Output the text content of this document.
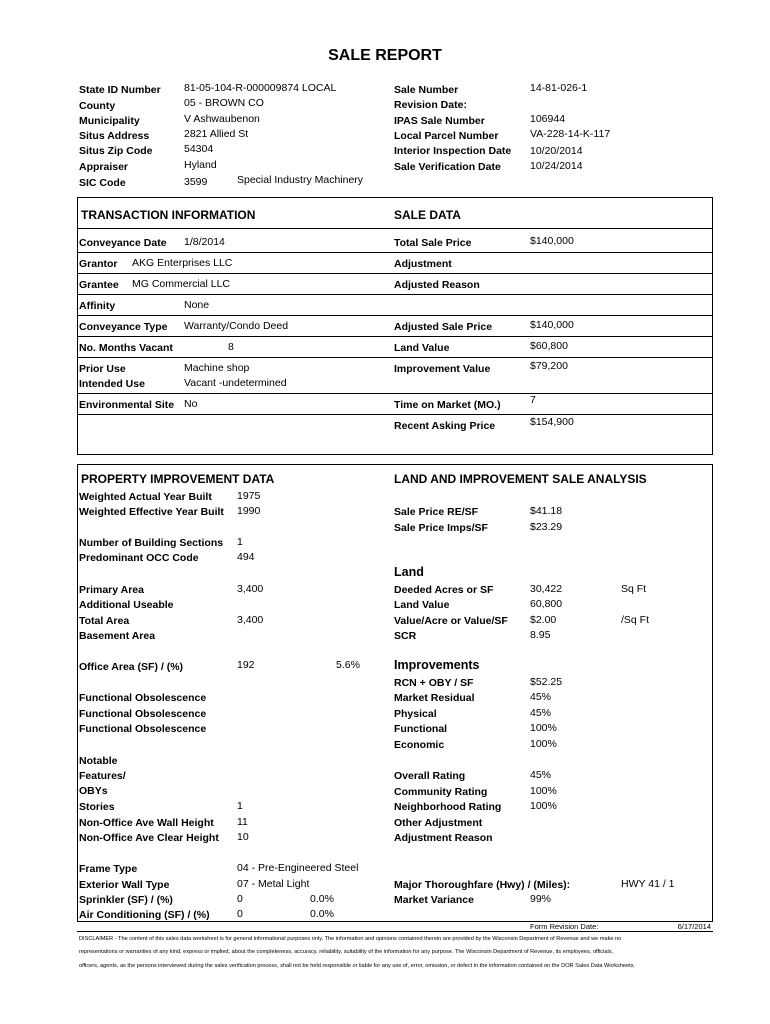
SALE REPORT
State ID Number 81-05-104-R-000009874 LOCAL
County	05 - BROWN CO
Municipality	V Ashwaubenon
Situs Address	2821 Allied St
Situs Zip Code	54304
Appraiser	Hyland
SIC Code	3599	Special Industry Machinery
Sale Number	14-81-026-1
Revision Date:
IPAS Sale Number	106944
Local Parcel Number	VA-228-14-K-117
Interior Inspection Date 10/20/2014
Sale Verification Date	10/24/2014
TRANSACTION INFORMATION	SALE DATA
Conveyance Date 1/8/2014
Grantor AKG Enterprises LLC
Grantee MG Commercial LLC
Affinity	None
Conveyance Type Warranty/Condo Deed
No. Months Vacant	8
Prior Use	Machine shop
Intended Use	Vacant -undetermined
Environmental Site No
Total Sale Price	$140,000
Adjustment
Adjusted Reason
Adjusted Sale Price	$140,000
Land Value	$60,800
Improvement Value	$79,200
Time on Market (MO.)	7
Recent Asking Price	$154,900
PROPERTY IMPROVEMENT DATA	LAND AND IMPROVEMENT SALE ANALYSIS
Weighted Actual Year Built 1975
Weighted Effective Year Built 1990
Number of Building Sections 1
Predominant OCC Code	494
Primary Area	3,400
Additional Useable
Total Area	3,400
Basement Area
Office Area (SF) / (%)	192	5.6%
Functional Obsolescence
Functional Obsolescence
Functional Obsolescence
Notable
Features/
OBYs
Stories	1
Non-Office Ave Wall Height 11
Non-Office Ave Clear Height 10
Frame Type	04 - Pre-Engineered Steel
Exterior Wall Type	07 - Metal Light
Sprinkler (SF) / (%)	0	0.0%
Air Conditioning (SF) / (%)	0	0.0%
Sale Price RE/SF	$41.18
Sale Price Imps/SF	$23.29
Land
Deeded Acres or SF	30,422	Sq Ft
Land Value	60,800
Value/Acre or Value/SF $2.00	/Sq Ft
SCR	8.95
Improvements
RCN + OBY / SF	$52.25
Market Residual	45%
Physical	45%
Functional	100%
Economic	100%
Overall Rating	45%
Community Rating	100%
Neighborhood Rating	100%
Other Adjustment
Adjustment Reason
Major Thoroughfare (Hwy) / (Miles):	HWY 41 / 1
Market Variance	99%
Form Revision Date:	6/17/2014
DISCLAIMER - The content of this sales data worksheet is for general informational purposes only. The information and opinions contained therein are provided by the Wisconsin Department of Revenue and we make no
representations or warranties of any kind, express or implied, about the completeness, accuracy, reliability, suitability of the information for any purpose. The Wisconsin Department of Revenue, its employees, officials,
officers, agents, as the persons interviewed during the sales verification process, shall not be held responsible or liable for any use of, error, omission, or defect in the information contained on the DOR Sales Data Worksheets.
